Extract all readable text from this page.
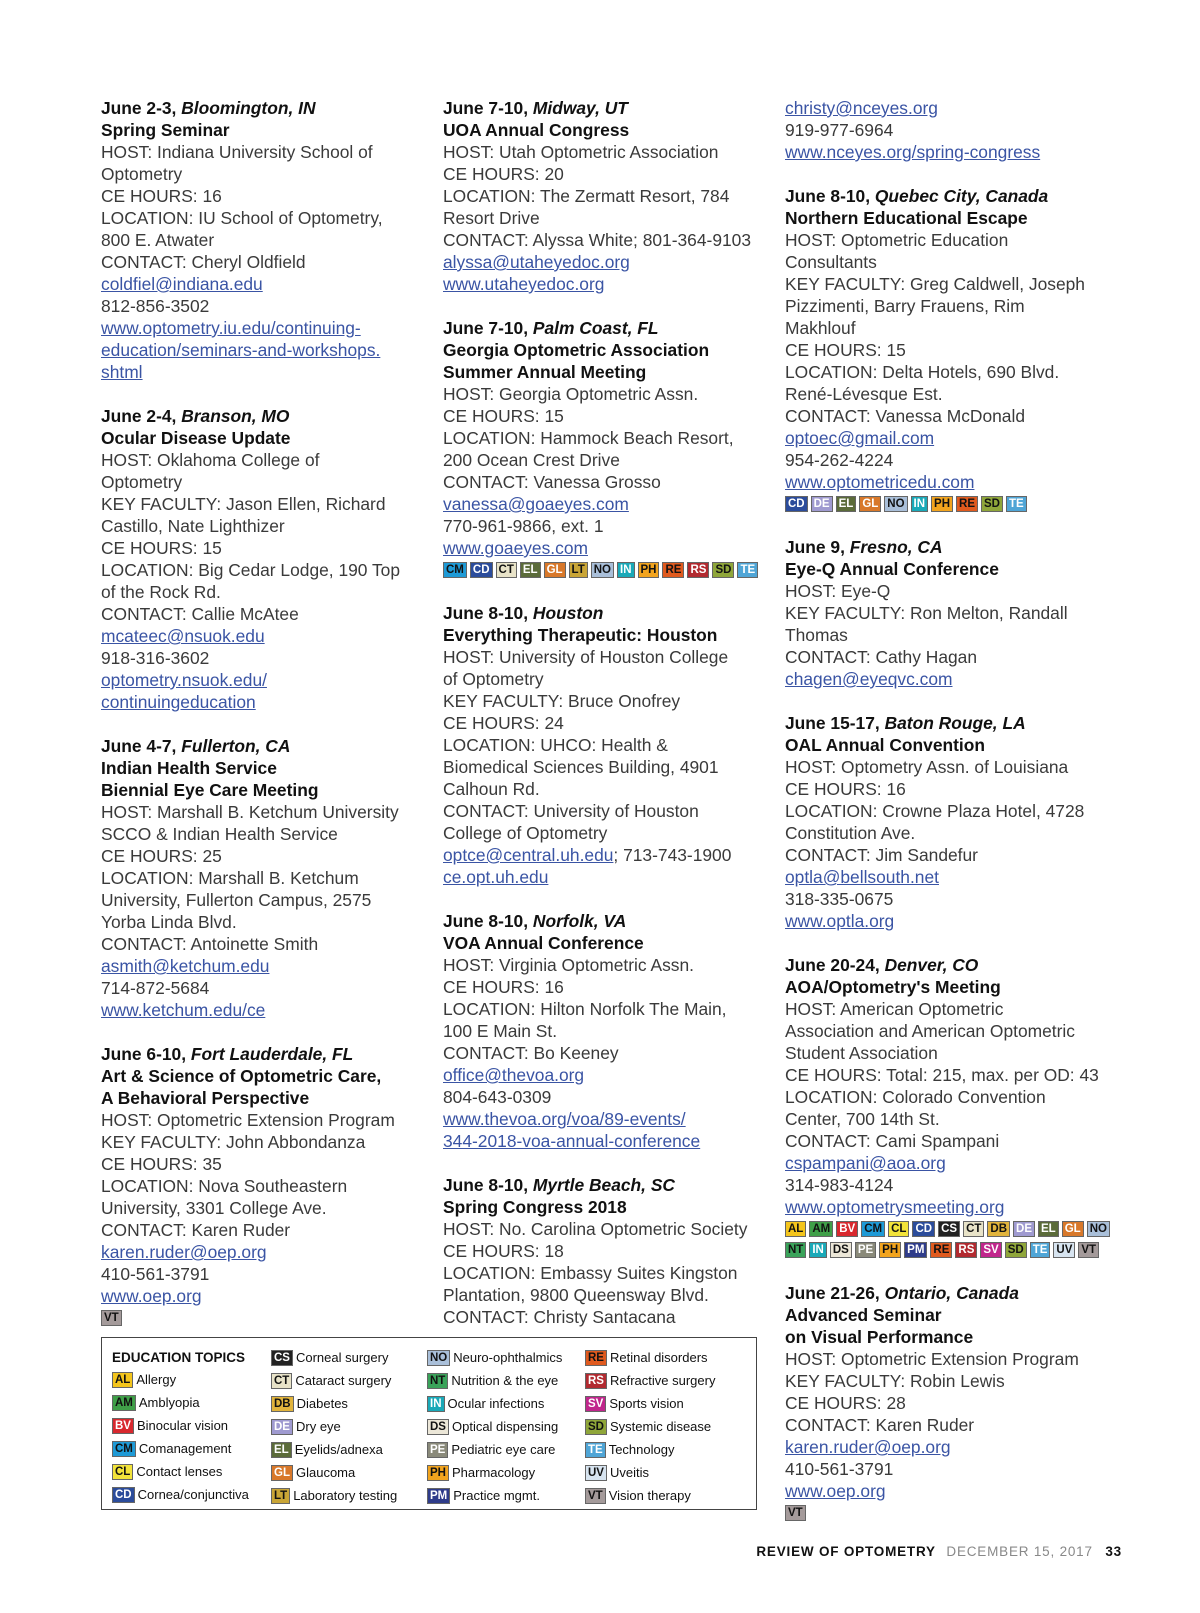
June 2-3, Bloomington, IN
Spring Seminar
HOST: Indiana University School of
Optometry
CE HOURS: 16
LOCATION: IU School of Optometry,
800 E. Atwater
CONTACT: Cheryl Oldfield
coldfiel@indiana.edu
812-856-3502
www.optometry.iu.edu/continuing-
education/seminars-and-workshops.
shtml
June 2-4, Branson, MO
Ocular Disease Update
HOST: Oklahoma College of
Optometry
KEY FACULTY: Jason Ellen, Richard
Castillo, Nate Lighthizer
CE HOURS: 15
LOCATION: Big Cedar Lodge, 190 Top
of the Rock Rd.
CONTACT: Callie McAtee
mcateec@nsuok.edu
918-316-3602
optometry.nsuok.edu/
continuingeducation
June 4-7, Fullerton, CA
Indian Health Service
Biennial Eye Care Meeting
HOST: Marshall B. Ketchum University
SCCO & Indian Health Service
CE HOURS: 25
LOCATION: Marshall B. Ketchum
University, Fullerton Campus, 2575
Yorba Linda Blvd.
CONTACT: Antoinette Smith
asmith@ketchum.edu
714-872-5684
www.ketchum.edu/ce
June 6-10, Fort Lauderdale, FL
Art & Science of Optometric Care,
A Behavioral Perspective
HOST: Optometric Extension Program
KEY FACULTY: John Abbondanza
CE HOURS: 35
LOCATION: Nova Southeastern
University, 3301 College Ave.
CONTACT: Karen Ruder
karen.ruder@oep.org
410-561-3791
www.oep.org
VT
June 7-10, Midway, UT
UOA Annual Congress
HOST: Utah Optometric Association
CE HOURS: 20
LOCATION: The Zermatt Resort, 784
Resort Drive
CONTACT: Alyssa White; 801-364-9103
alyssa@utaheyedoc.org
www.utaheyedoc.org
June 7-10, Palm Coast, FL
Georgia Optometric Association
Summer Annual Meeting
HOST: Georgia Optometric Assn.
CE HOURS: 15
LOCATION: Hammock Beach Resort,
200 Ocean Crest Drive
CONTACT: Vanessa Grosso
vanessa@goaeyes.com
770-961-9866, ext. 1
www.goaeyes.com
CM CD CT EL GL LT NO IN PH RE RS SD TE
June 8-10, Houston
Everything Therapeutic: Houston
HOST: University of Houston College
of Optometry
KEY FACULTY: Bruce Onofrey
CE HOURS: 24
LOCATION: UHCO: Health &
Biomedical Sciences Building, 4901
Calhoun Rd.
CONTACT: University of Houston
College of Optometry
optce@central.uh.edu; 713-743-1900
ce.opt.uh.edu
June 8-10, Norfolk, VA
VOA Annual Conference
HOST: Virginia Optometric Assn.
CE HOURS: 16
LOCATION: Hilton Norfolk The Main,
100 E Main St.
CONTACT: Bo Keeney
office@thevoa.org
804-643-0309
www.thevoa.org/voa/89-events/
344-2018-voa-annual-conference
June 8-10, Myrtle Beach, SC
Spring Congress 2018
HOST: No. Carolina Optometric Society
CE HOURS: 18
LOCATION: Embassy Suites Kingston
Plantation, 9800 Queensway Blvd.
CONTACT: Christy Santacana
christy@nceyes.org
919-977-6964
www.nceyes.org/spring-congress
June 8-10, Quebec City, Canada
Northern Educational Escape
HOST: Optometric Education
Consultants
KEY FACULTY: Greg Caldwell, Joseph
Pizzimenti, Barry Frauens, Rim
Makhlouf
CE HOURS: 15
LOCATION: Delta Hotels, 690 Blvd.
René-Lévesque Est.
CONTACT: Vanessa McDonald
optoec@gmail.com
954-262-4224
www.optometricedu.com
CD DE EL GL NO IN PH RE SD TE
June 9, Fresno, CA
Eye-Q Annual Conference
HOST: Eye-Q
KEY FACULTY: Ron Melton, Randall
Thomas
CONTACT: Cathy Hagan
chagen@eyeqvc.com
June 15-17, Baton Rouge, LA
OAL Annual Convention
HOST: Optometry Assn. of Louisiana
CE HOURS: 16
LOCATION: Crowne Plaza Hotel, 4728
Constitution Ave.
CONTACT: Jim Sandefur
optla@bellsouth.net
318-335-0675
www.optla.org
June 20-24, Denver, CO
AOA/Optometry's Meeting
HOST: American Optometric
Association and American Optometric
Student Association
CE HOURS: Total: 215, max. per OD: 43
LOCATION: Colorado Convention
Center, 700 14th St.
CONTACT: Cami Spampani
cspampani@aoa.org
314-983-4124
www.optometrysmeeting.org
AL AM BV CM CL CD CS CT DB DE EL GL NO
NT IN DS PE PH PM RE RS SV SD TE UV VT
June 21-26, Ontario, Canada
Advanced Seminar
on Visual Performance
HOST: Optometric Extension Program
KEY FACULTY: Robin Lewis
CE HOURS: 28
CONTACT: Karen Ruder
karen.ruder@oep.org
410-561-3791
www.oep.org
VT
EDUCATION TOPICS
AL Allergy
AM Amblyopia
BV Binocular vision
CM Comanagement
CL Contact lenses
CD Cornea/conjunctiva
CS Corneal surgery
CT Cataract surgery
DB Diabetes
DE Dry eye
EL Eyelids/adnexa
GL Glaucoma
LT Laboratory testing
NO Neuro-ophthalmics
NT Nutrition & the eye
IN Ocular infections
DS Optical dispensing
PE Pediatric eye care
PH Pharmacology
PM Practice mgmt.
RE Retinal disorders
RS Refractive surgery
SV Sports vision
SD Systemic disease
TE Technology
UV Uveitis
VT Vision therapy
REVIEW OF OPTOMETRY DECEMBER 15, 2017 33
